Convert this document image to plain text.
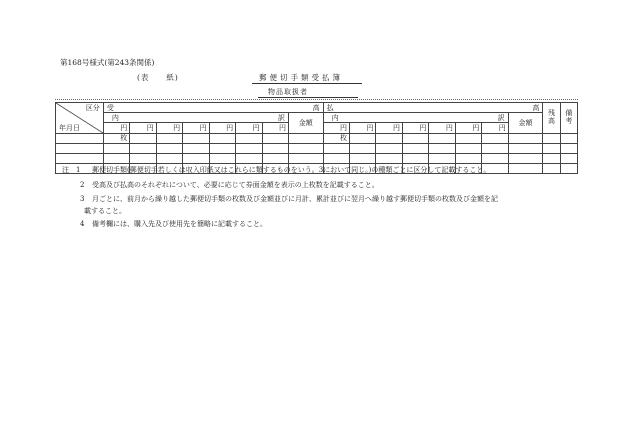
第168号様式(第243条関係)
(表　　紙)	郵便切手類受払簿
物品取扱者
区分
年月日	受 高								払 高								残高	備考

	内 訳							金額	内 訳							金額		
	円	円	円	円	円	円	円		円	円	円	円	円	円	円			
	枚								枚									

注　1 郵便切手類(郵便切手若しくは収入印紙又はこれらに類するものをいう。3において同じ。)の種類ごとに区分して記載すること。
2 受高及び払高のそれぞれについて、必要に応じて券面金額を表示の上枚数を記載すること。
3 月ごとに、前月から繰り越した郵便切手類の枚数及び金額並びに月計、累計並びに翌月へ繰り越す郵便切手類の枚数及び金額を記
載すること。
4 備考欄には、購入先及び使用先を簡略に記載すること。
